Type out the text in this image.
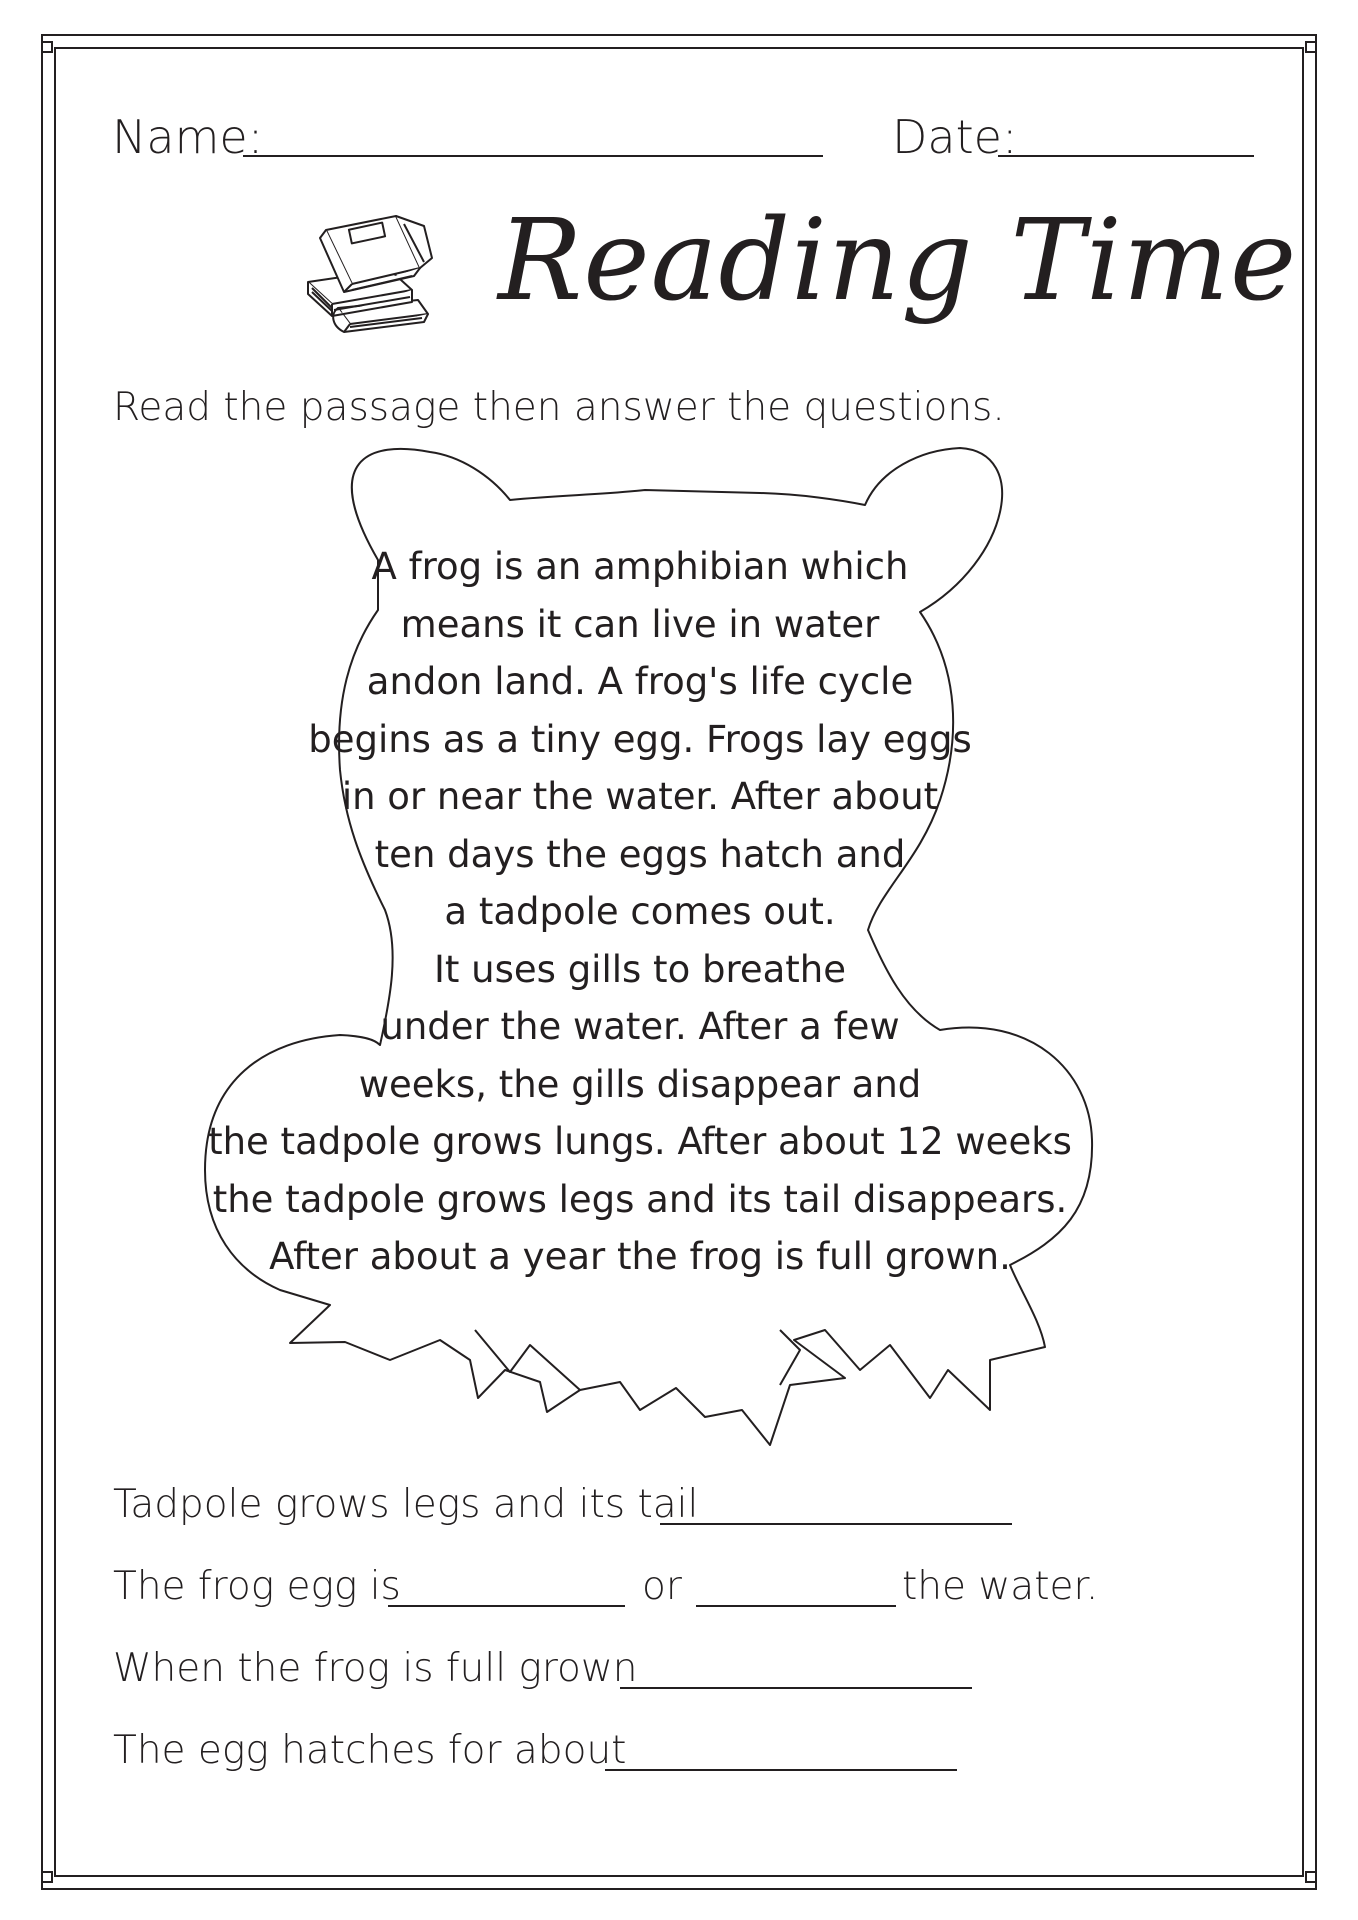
Name:	Date:
Reading Time
Read the passage then answer the questions.
A frog is an amphibian which
means it can live in water
andon land. A frog's life cycle
begins as a tiny egg. Frogs lay eggs
in or near the water. After about
ten days the eggs hatch and
a tadpole comes out.
It uses gills to breathe
under the water. After a few
weeks, the gills disappear and
the tadpole grows lungs. After about 12 weeks
the tadpole grows legs and its tail disappears.
After about a year the frog is full grown.
Tadpole grows legs and its tail
The frog egg is	or	the water.
When the frog is full grown
The egg hatches for about
